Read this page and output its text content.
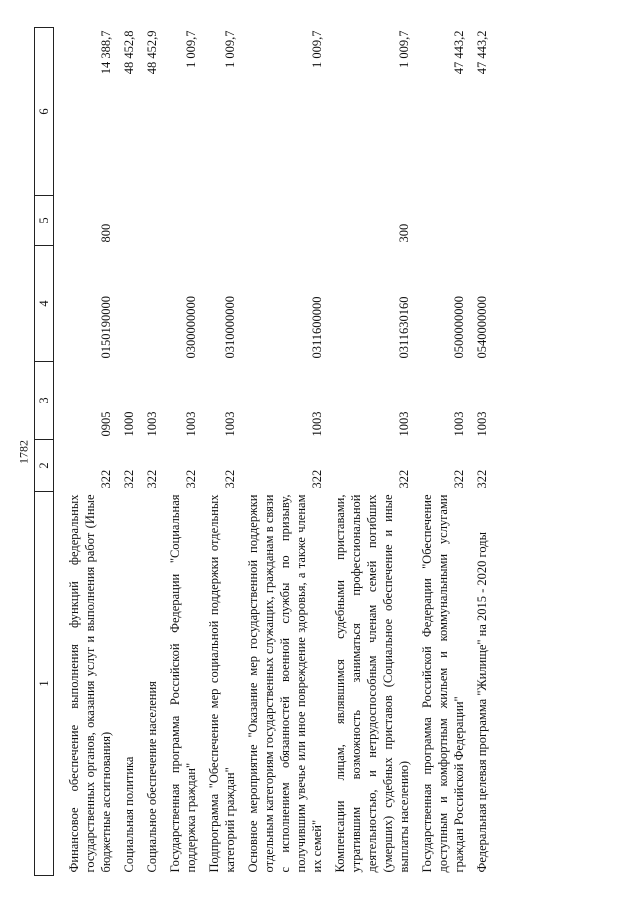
1782
1	2	3	4	5	6
Финансовое обеспечение выполнения функций федеральных государственных органов, оказания услуг и выполнения работ (Иные бюджетные ассигнования)	322	0905	0150190000	800	14 388,7
Социальная политика	322	1000			48 452,8
Социальное обеспечение населения	322	1003			48 452,9
Государственная программа Российской Федерации "Социальная поддержка граждан"	322	1003	0300000000		1 009,7
Подпрограмма "Обеспечение мер социальной поддержки отдельных категорий граждан"	322	1003	0310000000		1 009,7
Основное мероприятие "Оказание мер государственной поддержки отдельным категориям государственных служащих, гражданам в связи с исполнением обязанностей военной службы по призыву, получившим увечье или иное повреждение здоровья, а также членам их семей"	322	1003	0311600000		1 009,7
Компенсации лицам, являвшимся судебными приставами, утратившим возможность заниматься профессиональной деятельностью, и нетрудоспособным членам семей погибших (умерших) судебных приставов (Социальное обеспечение и иные выплаты населению)	322	1003	0311630160	300	1 009,7
Государственная программа Российской Федерации "Обеспечение доступным и комфортным жильем и коммунальными услугами граждан Российской Федерации"	322	1003	0500000000		47 443,2
Федеральная целевая программа "Жилище" на 2015 - 2020 годы	322	1003	0540000000		47 443,2
